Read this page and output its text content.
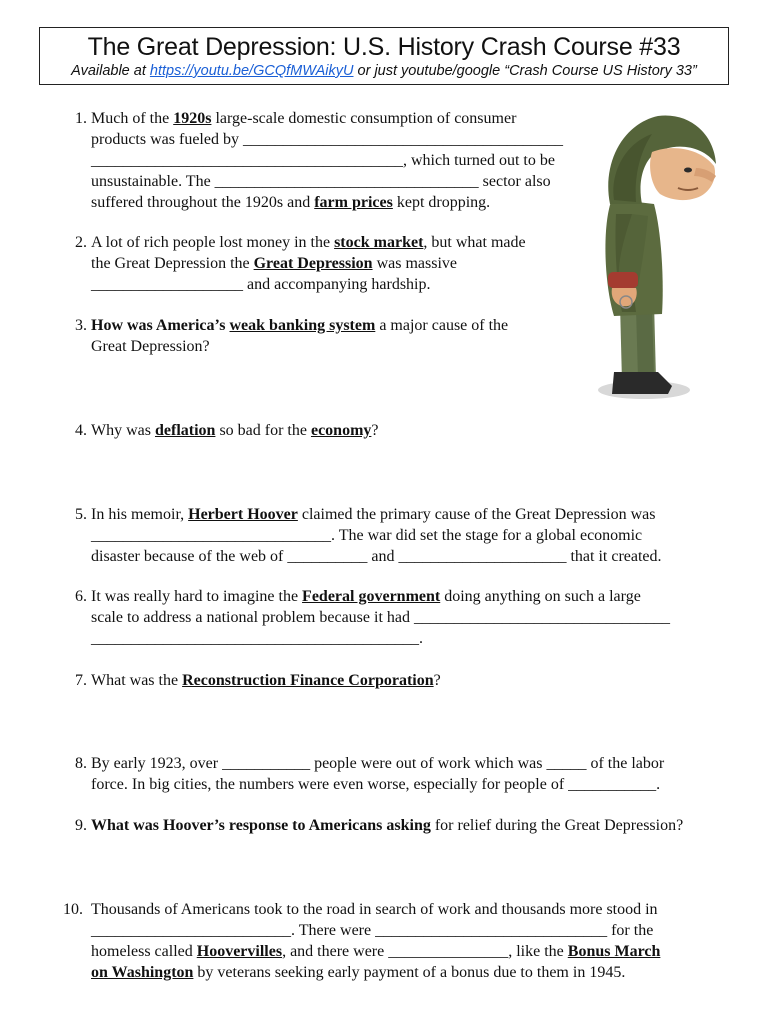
The Great Depression: U.S. History Crash Course #33
Available at https://youtu.be/GCQfMWAikyU or just youtube/google “Crash Course US History 33”
1. Much of the 1920s large-scale domestic consumption of consumer
products was fueled by ________________________________________
_______________________________________, which turned out to be
unsustainable. The _________________________________ sector also
suffered throughout the 1920s and farm prices kept dropping.
2. A lot of rich people lost money in the stock market, but what made
the Great Depression the Great Depression was massive
___________________ and accompanying hardship.
3. How was America’s weak banking system a major cause of the
Great Depression?
4. Why was deflation so bad for the economy?
5. In his memoir, Herbert Hoover claimed the primary cause of the Great Depression was
______________________________. The war did set the stage for a global economic
disaster because of the web of __________ and _____________________ that it created.
6. It was really hard to imagine the Federal government doing anything on such a large
scale to address a national problem because it had ________________________________
_________________________________________.
7. What was the Reconstruction Finance Corporation?
8. By early 1923, over ___________ people were out of work which was _____ of the labor
force. In big cities, the numbers were even worse, especially for people of ___________.
9. What was Hoover’s response to Americans asking for relief during the Great Depression?
10. Thousands of Americans took to the road in search of work and thousands more stood in
_________________________. There were _____________________________ for the
homeless called Hoovervilles, and there were _______________, like the Bonus March
on Washington by veterans seeking early payment of a bonus due to them in 1945.
